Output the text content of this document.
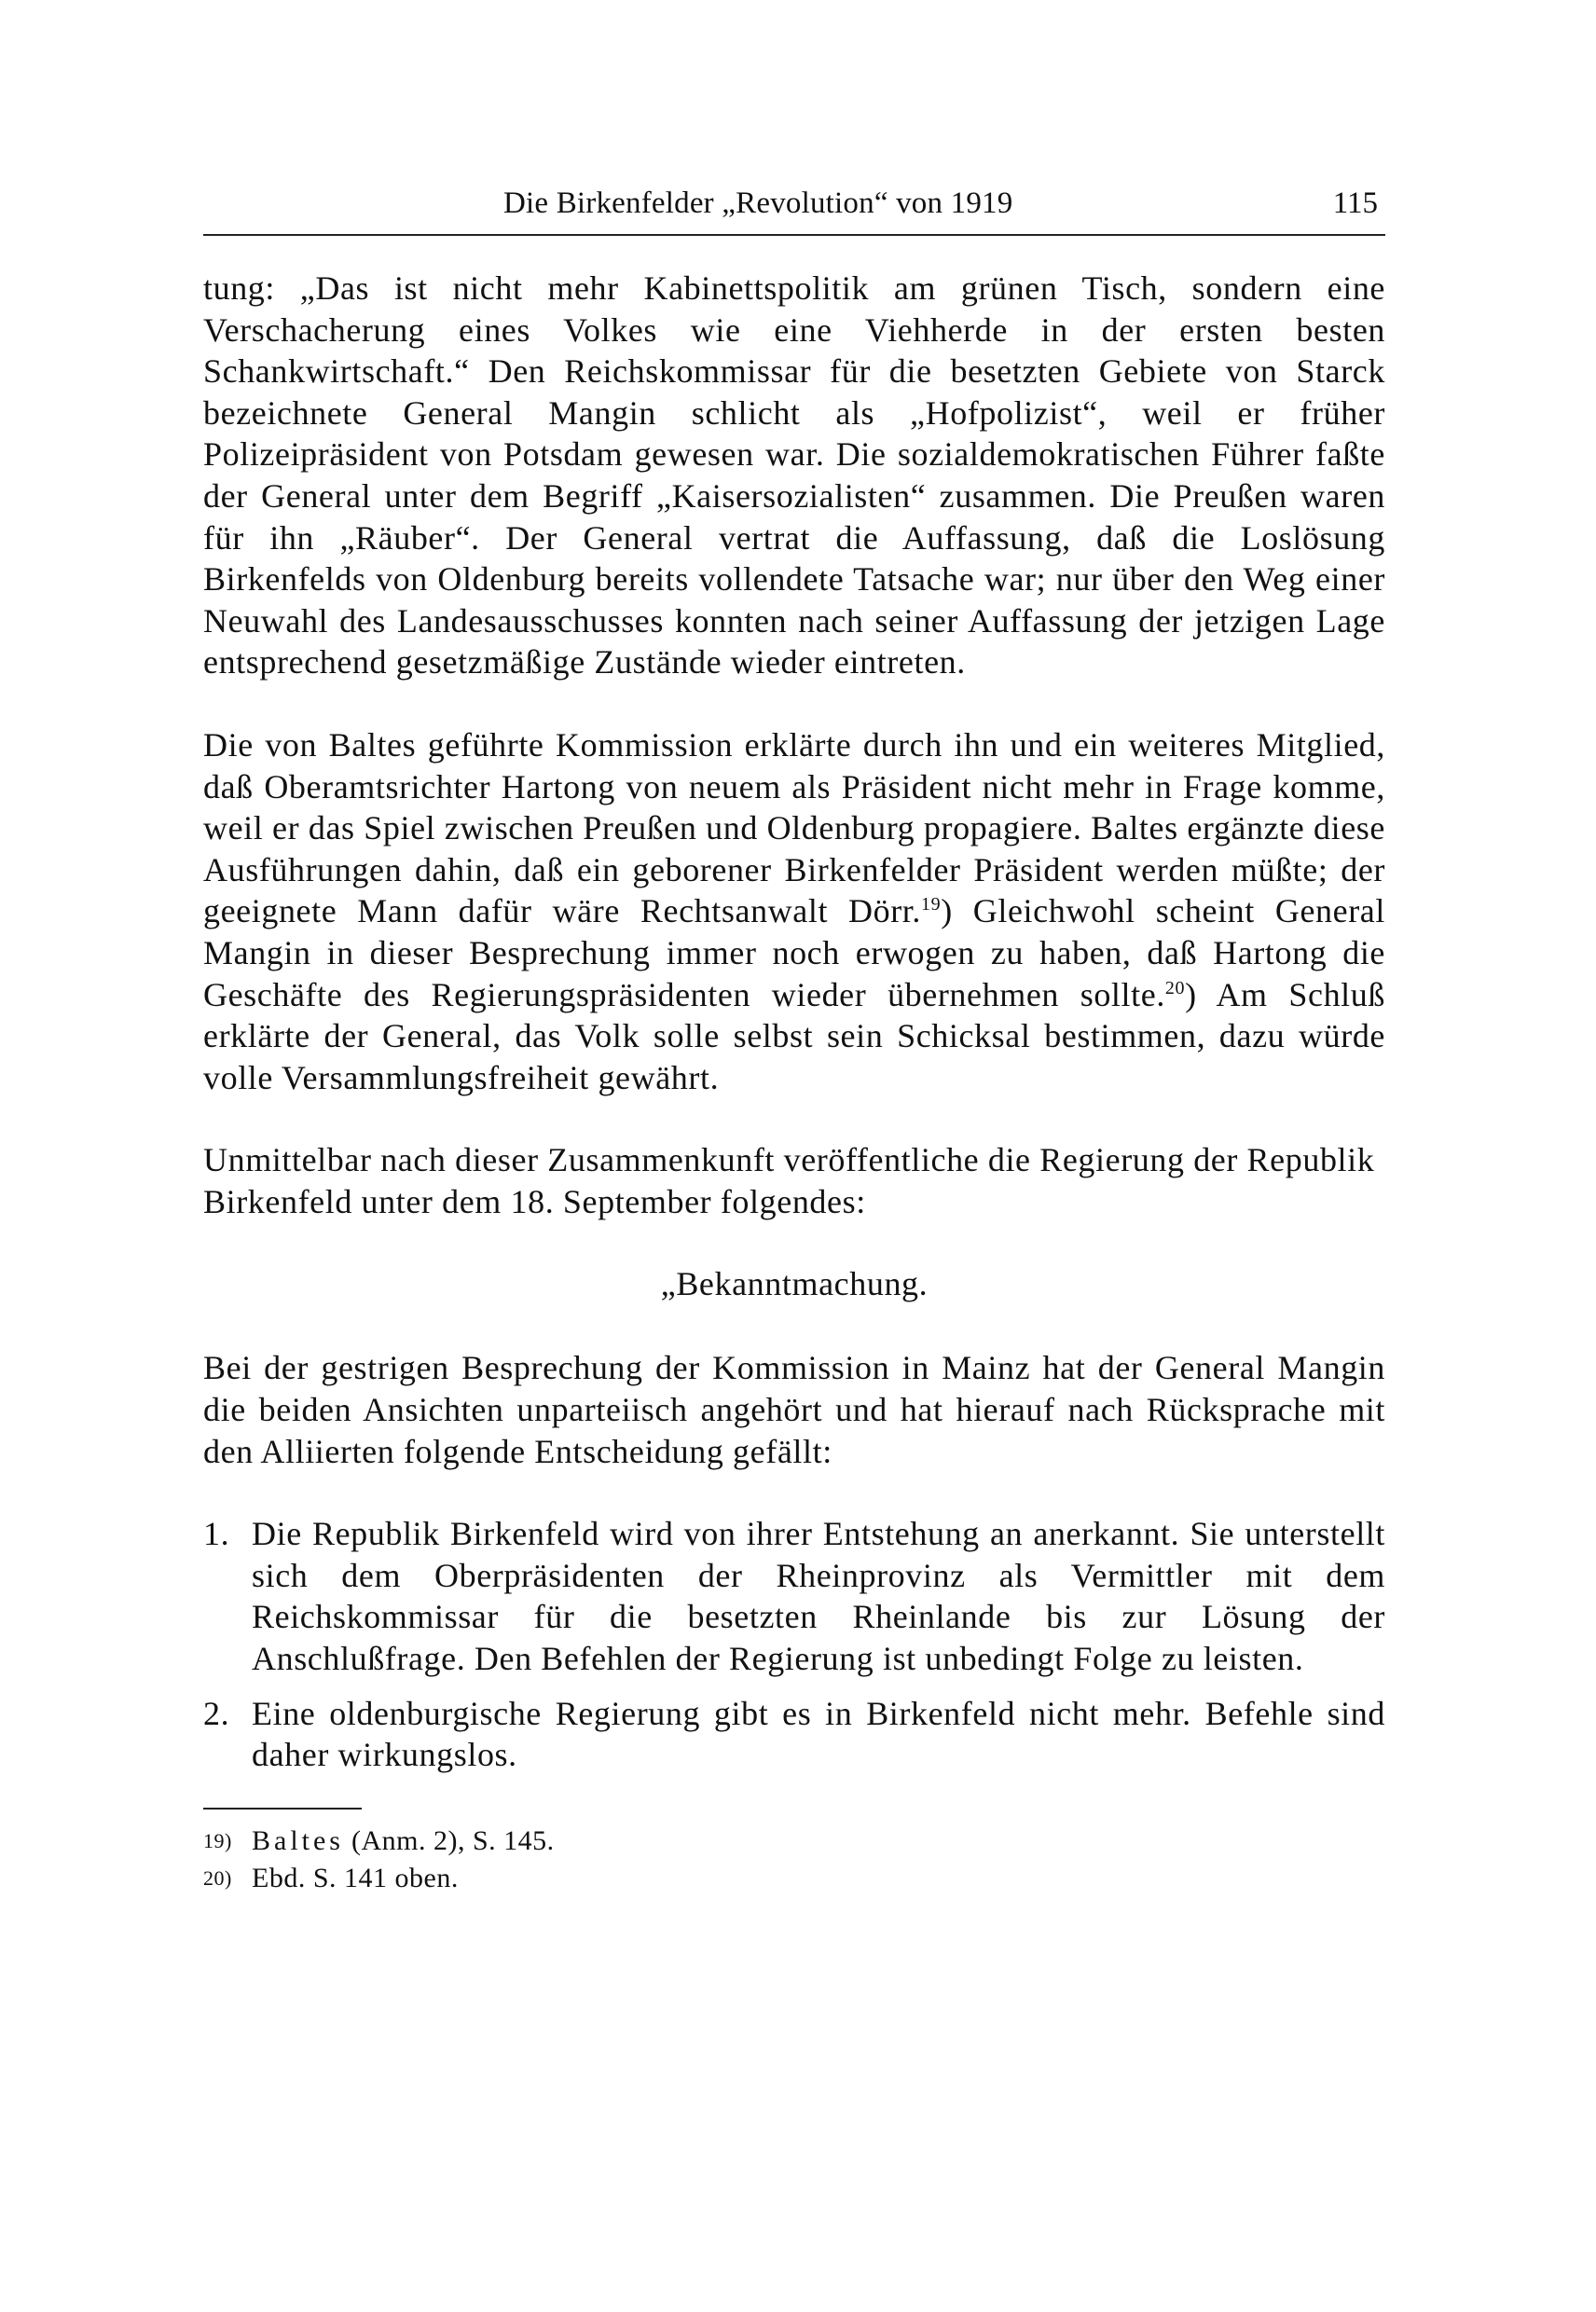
Die Birkenfelder „Revolution“ von 1919	115

tung: „Das ist nicht mehr Kabinettspolitik am grünen Tisch, sondern eine Verschacherung eines Volkes wie eine Viehherde in der ersten besten Schankwirtschaft.“ Den Reichskommissar für die besetzten Gebiete von Starck bezeichnete General Mangin schlicht als „Hofpolizist“, weil er früher Polizeipräsident von Potsdam gewesen war. Die sozialdemokratischen Führer faßte der General unter dem Begriff „Kaisersozialisten“ zusammen. Die Preußen waren für ihn „Räuber“. Der General vertrat die Auffassung, daß die Loslösung Birkenfelds von Oldenburg bereits vollendete Tatsache war; nur über den Weg einer Neuwahl des Landesausschusses konnten nach seiner Auffassung der jetzigen Lage entsprechend gesetzmäßige Zustände wieder eintreten.

Die von Baltes geführte Kommission erklärte durch ihn und ein weiteres Mitglied, daß Oberamtsrichter Hartong von neuem als Präsident nicht mehr in Frage komme, weil er das Spiel zwischen Preußen und Oldenburg propagiere. Baltes ergänzte diese Ausführungen dahin, daß ein geborener Birkenfelder Präsident werden müßte; der geeignete Mann dafür wäre Rechtsanwalt Dörr.$^{19}$) Gleichwohl scheint General Mangin in dieser Besprechung immer noch erwogen zu haben, daß Hartong die Geschäfte des Regierungspräsidenten wieder übernehmen sollte.$^{20}$) Am Schluß erklärte der General, das Volk solle selbst sein Schicksal bestimmen, dazu würde volle Versammlungsfreiheit gewährt.

Unmittelbar nach dieser Zusammenkunft veröffentliche die Regierung der Republik Birkenfeld unter dem 18. September folgendes:

„Bekanntmachung.

Bei der gestrigen Besprechung der Kommission in Mainz hat der General Mangin die beiden Ansichten unparteiisch angehört und hat hierauf nach Rücksprache mit den Alliierten folgende Entscheidung gefällt:

1. Die Republik Birkenfeld wird von ihrer Entstehung an anerkannt. Sie unterstellt sich dem Oberpräsidenten der Rheinprovinz als Vermittler mit dem Reichskommissar für die besetzten Rheinlande bis zur Lösung der Anschlußfrage. Den Befehlen der Regierung ist unbedingt Folge zu leisten.
2. Eine oldenburgische Regierung gibt es in Birkenfeld nicht mehr. Befehle sind daher wirkungslos.
19) Baltes (Anm. 2), S. 145.
20) Ebd. S. 141 oben.
